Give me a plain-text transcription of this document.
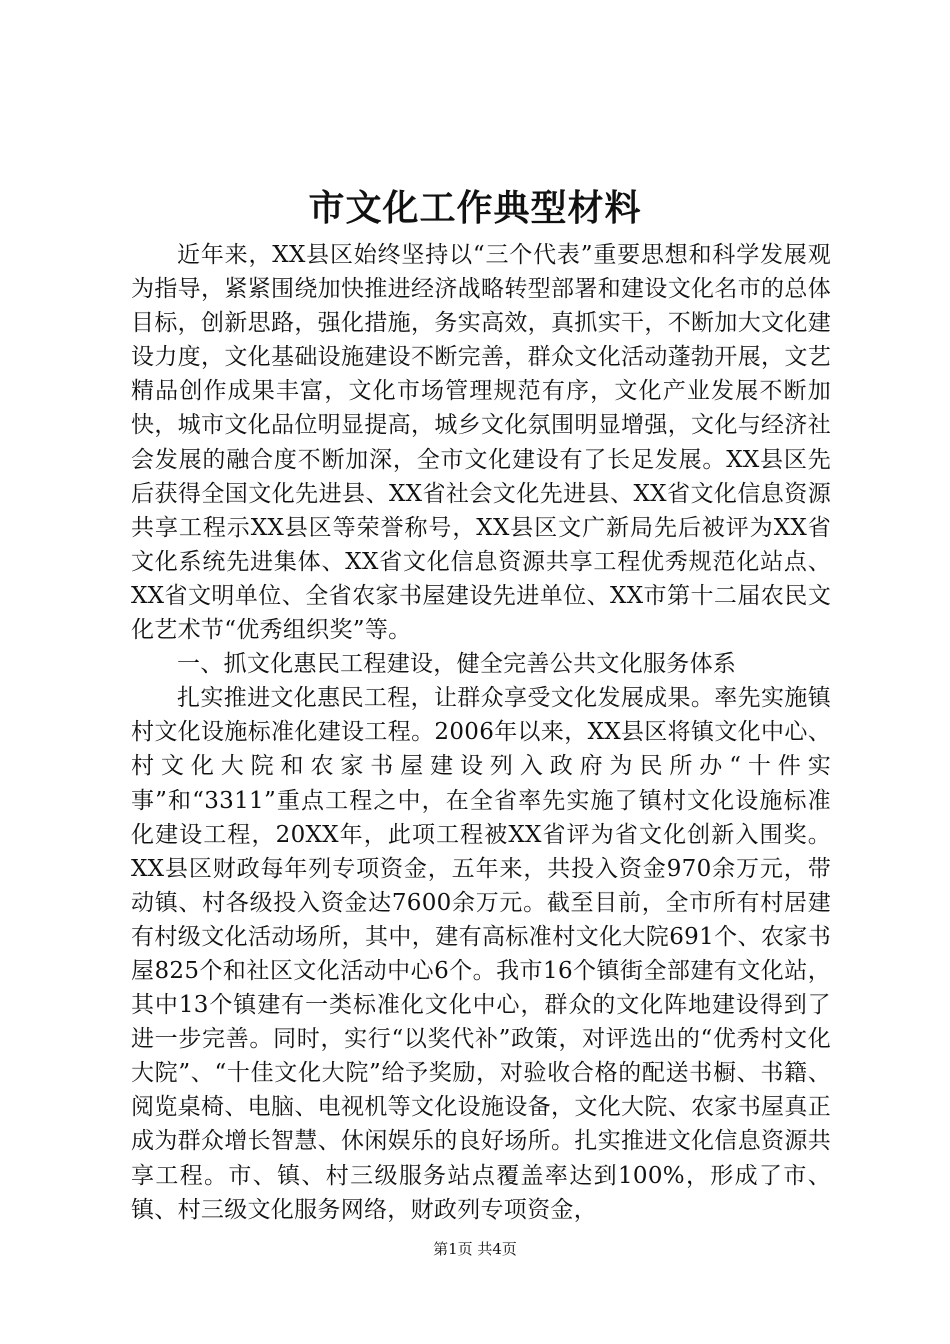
市文化工作典型材料

近年来，XX县区始终坚持以“三个代表”重要思想和科学发展观为指导，紧紧围绕加快推进经济战略转型部署和建设文化名市的总体目标，创新思路，强化措施，务实高效，真抓实干，不断加大文化建设力度，文化基础设施建设不断完善，群众文化活动蓬勃开展，文艺精品创作成果丰富，文化市场管理规范有序，文化产业发展不断加快，城市文化品位明显提高，城乡文化氛围明显增强，文化与经济社会发展的融合度不断加深，全市文化建设有了长足发展。XX县区先后获得全国文化先进县、XX省社会文化先进县、XX省文化信息资源共享工程示XX县区等荣誉称号，XX县区文广新局先后被评为XX省文化系统先进集体、XX省文化信息资源共享工程优秀规范化站点、XX省文明单位、全省农家书屋建设先进单位、XX市第十二届农民文化艺术节“优秀组织奖”等。

一、抓文化惠民工程建设，健全完善公共文化服务体系

扎实推进文化惠民工程，让群众享受文化发展成果。率先实施镇村文化设施标准化建设工程。2006年以来，XX县区将镇文化中心、村文化大院和农家书屋建设列入政府为民所办“十件实事”和“3311”重点工程之中，在全省率先实施了镇村文化设施标准化建设工程，20XX年，此项工程被XX省评为省文化创新入围奖。XX县区财政每年列专项资金，五年来，共投入资金970余万元，带动镇、村各级投入资金达7600余万元。截至目前，全市所有村居建有村级文化活动场所，其中，建有高标准村文化大院691个、农家书屋825个和社区文化活动中心6个。我市16个镇街全部建有文化站，其中13个镇建有一类标准化文化中心，群众的文化阵地建设得到了进一步完善。同时，实行“以奖代补”政策，对评选出的“优秀村文化大院”、“十佳文化大院”给予奖励，对验收合格的配送书橱、书籍、阅览桌椅、电脑、电视机等文化设施设备，文化大院、农家书屋真正成为群众增长智慧、休闲娱乐的良好场所。扎实推进文化信息资源共享工程。市、镇、村三级服务站点覆盖率达到100%，形成了市、镇、村三级文化服务网络，财政列专项资金，

第1页 共4页
